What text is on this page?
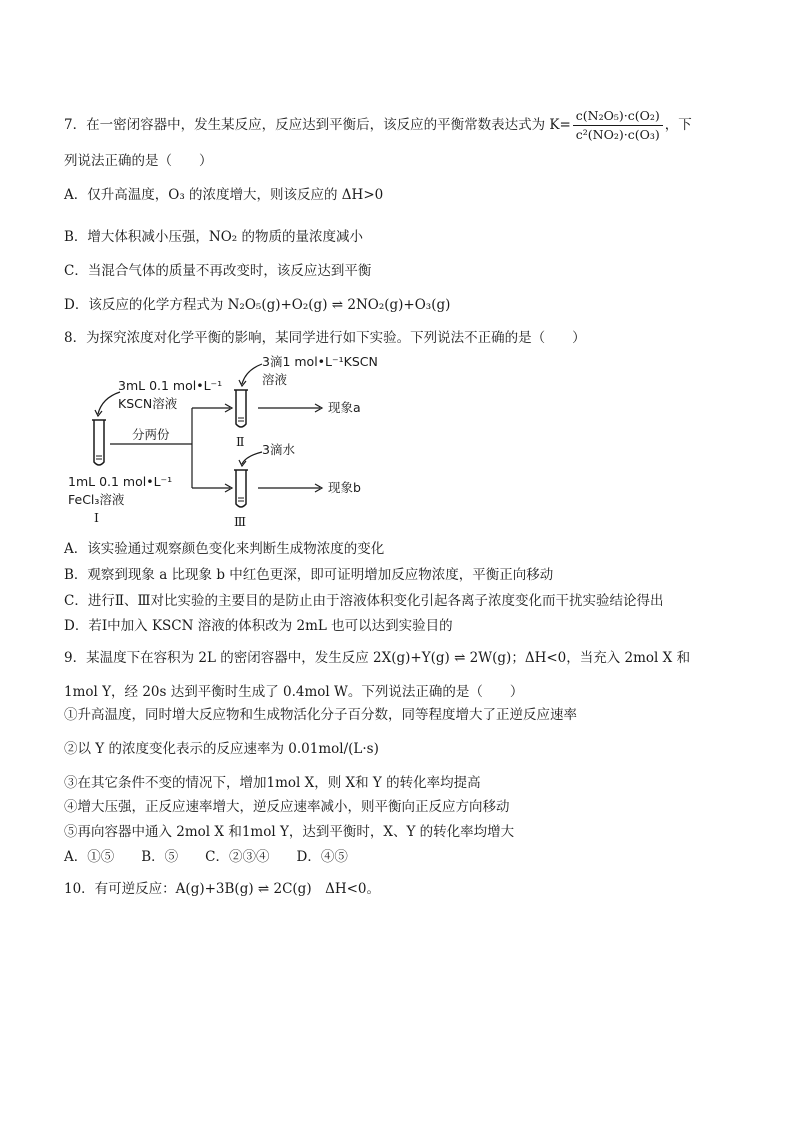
7．在一密闭容器中，发生某反应，反应达到平衡后，该反应的平衡常数表达式为 $K= \frac{\text{c(N₂O₅)·c(O₂)}}{\text{c²(NO₂)·c(O₃)}}$ ，下
列说法正确的是（　　）
A．仅升高温度，O₃ 的浓度增大，则该反应的 ΔH>0
B．增大体积减小压强，NO₂ 的物质的量浓度减小
C．当混合气体的质量不再改变时，该反应达到平衡
D．该反应的化学方程式为 N₂O₅(g)+O₂(g) ⇌ 2NO₂(g)+O₃(g)
8．为探究浓度对化学平衡的影响，某同学进行如下实验。下列说法不正确的是（　　）
3mL 0.1 mol•L⁻¹
KSCN溶液
分两份
1mL 0.1 mol•L⁻¹
FeCl₃溶液
Ⅰ
3滴1 mol•L⁻¹KSCN
溶液
Ⅱ
现象a
3滴水
Ⅲ
现象b
A．该实验通过观察颜色变化来判断生成物浓度的变化
B．观察到现象 a 比现象 b 中红色更深，即可证明增加反应物浓度，平衡正向移动
C．进行Ⅱ、Ⅲ对比实验的主要目的是防止由于溶液体积变化引起各离子浓度变化而干扰实验结论得出
D．若Ⅰ中加入 KSCN 溶液的体积改为 2mL 也可以达到实验目的
9．某温度下在容积为 2L 的密闭容器中，发生反应 2X(g)+Y(g) ⇌ 2W(g)；ΔH<0，当充入 2mol X 和
1mol Y，经 20s 达到平衡时生成了 0.4mol W。下列说法正确的是（　　）
①升高温度，同时增大反应物和生成物活化分子百分数，同等程度增大了正逆反应速率
②以 Y 的浓度变化表示的反应速率为 0.01mol/(L·s)
③在其它条件不变的情况下，增加1mol X，则 X和 Y 的转化率均提高
④增大压强，正反应速率增大，逆反应速率减小，则平衡向正反应方向移动
⑤再向容器中通入 2mol X 和1mol Y，达到平衡时，X、Y 的转化率均增大
A．①⑤　　B．⑤　　C．②③④　　D．④⑤
10．有可逆反应：A(g)+3B(g) ⇌ 2C(g)　ΔH<0。
